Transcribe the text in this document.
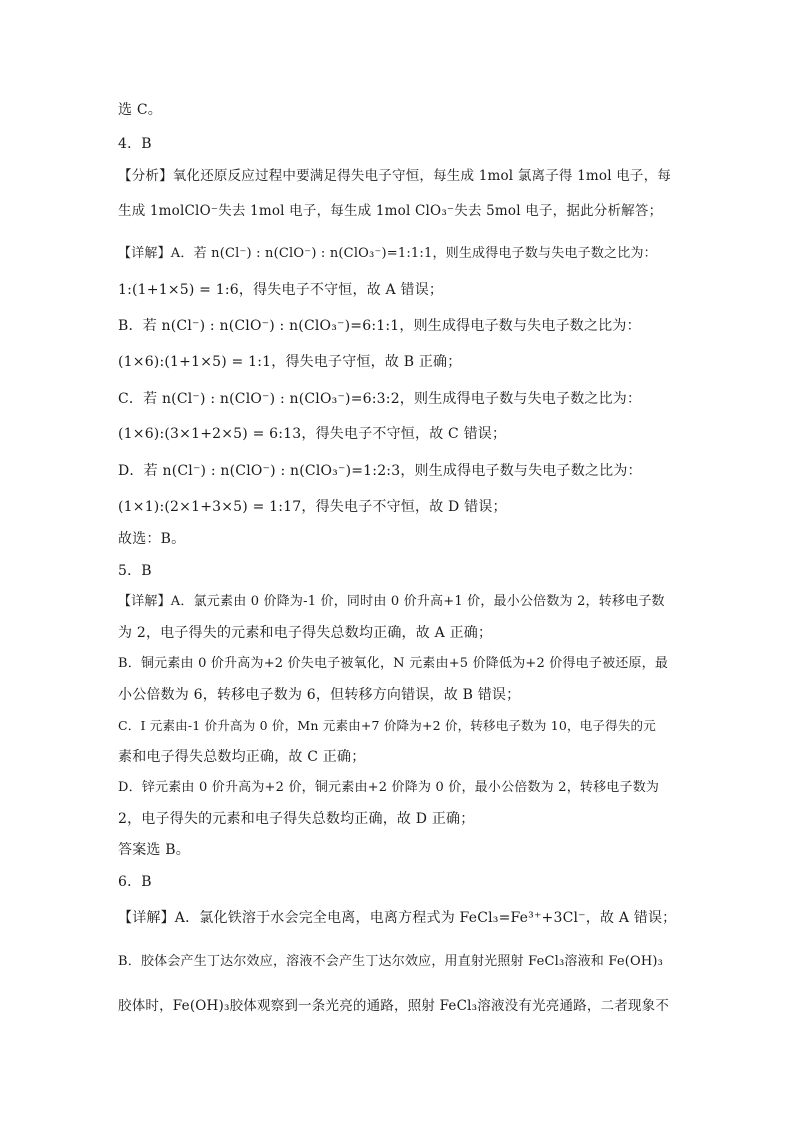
选 C。
4．B
【分析】氧化还原反应过程中要满足得失电子守恒，每生成 1mol 氯离子得 1mol 电子，每
生成 1molClO⁻失去 1mol 电子，每生成 1mol ClO₃⁻失去 5mol 电子，据此分析解答；
【详解】A．若 n(Cl⁻) : n(ClO⁻) : n(ClO₃⁻)=1:1:1，则生成得电子数与失电子数之比为：
1:(1+1×5) = 1:6，得失电子不守恒，故 A 错误；
B．若 n(Cl⁻) : n(ClO⁻) : n(ClO₃⁻)=6:1:1，则生成得电子数与失电子数之比为：
(1×6):(1+1×5) = 1:1，得失电子守恒，故 B 正确；
C．若 n(Cl⁻) : n(ClO⁻) : n(ClO₃⁻)=6:3:2，则生成得电子数与失电子数之比为：
(1×6):(3×1+2×5) = 6:13，得失电子不守恒，故 C 错误；
D．若 n(Cl⁻) : n(ClO⁻) : n(ClO₃⁻)=1:2:3，则生成得电子数与失电子数之比为：
(1×1):(2×1+3×5) = 1:17，得失电子不守恒，故 D 错误；
故选：B。
5．B
【详解】A．氯元素由 0 价降为-1 价，同时由 0 价升高+1 价，最小公倍数为 2，转移电子数
为 2，电子得失的元素和电子得失总数均正确，故 A 正确；
B．铜元素由 0 价升高为+2 价失电子被氧化，N 元素由+5 价降低为+2 价得电子被还原，最
小公倍数为 6，转移电子数为 6，但转移方向错误，故 B 错误；
C．I 元素由-1 价升高为 0 价，Mn 元素由+7 价降为+2 价，转移电子数为 10，电子得失的元
素和电子得失总数均正确，故 C 正确；
D．锌元素由 0 价升高为+2 价，铜元素由+2 价降为 0 价，最小公倍数为 2，转移电子数为
2，电子得失的元素和电子得失总数均正确，故 D 正确；
答案选 B。
6．B
【详解】A．氯化铁溶于水会完全电离，电离方程式为 FeCl₃=Fe³⁺+3Cl⁻，故 A 错误；
B．胶体会产生丁达尔效应，溶液不会产生丁达尔效应，用直射光照射 FeCl₃溶液和 Fe(OH)₃
胶体时，Fe(OH)₃胶体观察到一条光亮的通路，照射 FeCl₃溶液没有光亮通路，二者现象不
